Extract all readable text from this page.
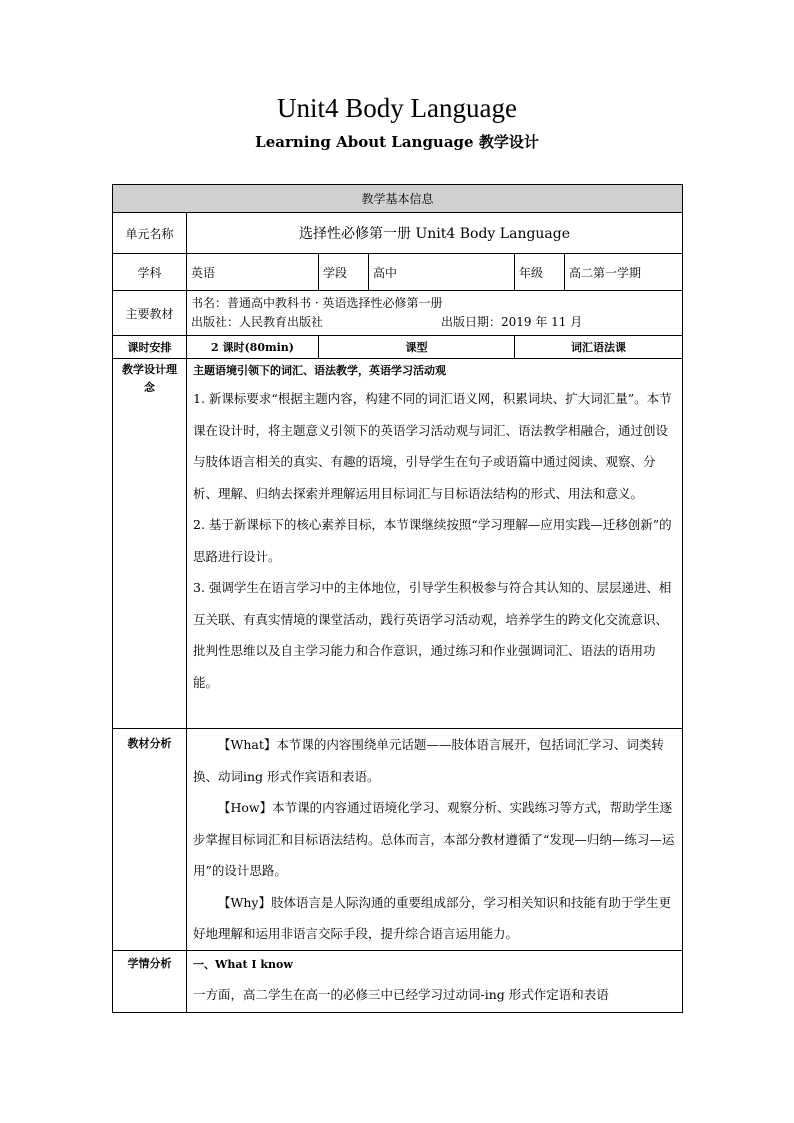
Unit4 Body Language
Learning About Language 教学设计
教学基本信息					
单元名称	选择性必修第一册 Unit4 Body Language				
学科	英语	学段	高中	年级	高二第一学期
主要教材	书名：普通高中教科书 · 英语选择性必修第一册
出版社：人民教育出版社 出版日期：2019 年 11 月				

课时安排	2 课时(80min)	课型		词汇语法课	
教学设计理念	主题语境引领下的词汇、语法教学，英语学习活动观

1. 新课标要求“根据主题内容，构建不同的词汇语义网，积累词块、扩大词汇量”。本节课在设计时，将主题意义引领下的英语学习活动观与词汇、语法教学相融合，通过创设与肢体语言相关的真实、有趣的语境，引导学生在句子或语篇中通过阅读、观察、分析、理解、归纳去探索并理解运用目标词汇与目标语法结构的形式、用法和意义。

2. 基于新课标下的核心素养目标，本节课继续按照“学习理解—应用实践—迁移创新”的思路进行设计。

3. 强调学生在语言学习中的主体地位，引导学生积极参与符合其认知的、层层递进、相互关联、有真实情境的课堂活动，践行英语学习活动观，培养学生的跨文化交流意识、批判性思维以及自主学习能力和合作意识，通过练习和作业强调词汇、语法的语用功能。				

教材分析	【What】本节课的内容围绕单元话题——肢体语言展开，包括词汇学习、词类转换、动词ing 形式作宾语和表语。

【How】本节课的内容通过语境化学习、观察分析、实践练习等方式，帮助学生逐步掌握目标词汇和目标语法结构。总体而言，本部分教材遵循了“发现—归纳—练习—运用”的设计思路。

【Why】肢体语言是人际沟通的重要组成部分，学习相关知识和技能有助于学生更好地理解和运用非语言交际手段，提升综合语言运用能力。				

学情分析	一、What I know

一方面，高二学生在高一的必修三中已经学习过动词-ing 形式作定语和表语				
